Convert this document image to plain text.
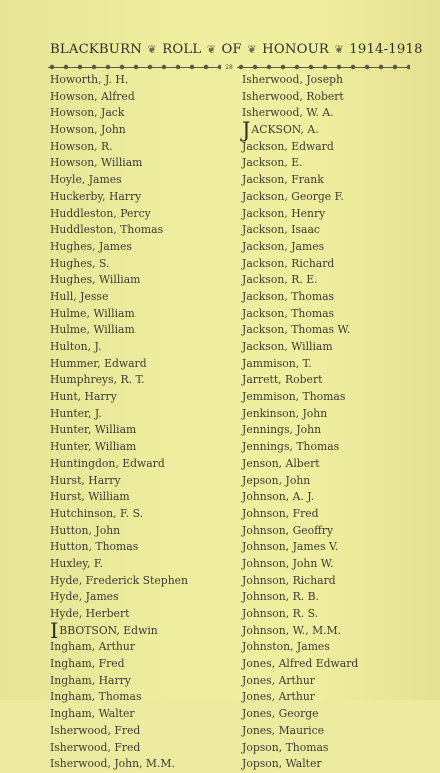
BLACKBURN ❦ ROLL ❦ OF ❦ HONOUR ❦ 1914-1918
28
Howorth, J. H.
Howson, Alfred
Howson, Jack
Howson, John
Howson, R.
Howson, William
Hoyle, James
Huckerby, Harry
Huddleston, Percy
Huddleston, Thomas
Hughes, James
Hughes, S.
Hughes, William
Hull, Jesse
Hulme, William
Hulme, William
Hulton, J.
Hummer, Edward
Humphreys, R. T.
Hunt, Harry
Hunter, J.
Hunter, William
Hunter, William
Huntingdon, Edward
Hurst, Harry
Hurst, William
Hutchinson, F. S.
Hutton, John
Hutton, Thomas
Huxley, F.
Hyde, Frederick Stephen
Hyde, James
Hyde, Herbert
IBBOTSON, Edwin
Ingham, Arthur
Ingham, Fred
Ingham, Harry
Ingham, Thomas
Ingham, Walter
Isherwood, Fred
Isherwood, Fred
Isherwood, John, M.M.
Isherwood, Joseph
Isherwood, Robert
Isherwood, W. A.
JACKSON, A.
Jackson, Edward
Jackson, E.
Jackson, Frank
Jackson, George F.
Jackson, Henry
Jackson, Isaac
Jackson, James
Jackson, Richard
Jackson, R. E.
Jackson, Thomas
Jackson, Thomas
Jackson, Thomas W.
Jackson, William
Jammison, T.
Jarrett, Robert
Jemmison, Thomas
Jenkinson, John
Jennings, John
Jennings, Thomas
Jenson, Albert
Jepson, John
Johnson, A. J.
Johnson, Fred
Johnson, Geoffry
Johnson, James V.
Johnson, John W.
Johnson, Richard
Johnson, R. B.
Johnson, R. S.
Johnson, W., M.M.
Johnston, James
Jones, Alfred Edward
Jones, Arthur
Jones, Arthur
Jones, George
Jones, Maurice
Jopson, Thomas
Jopson, Walter
